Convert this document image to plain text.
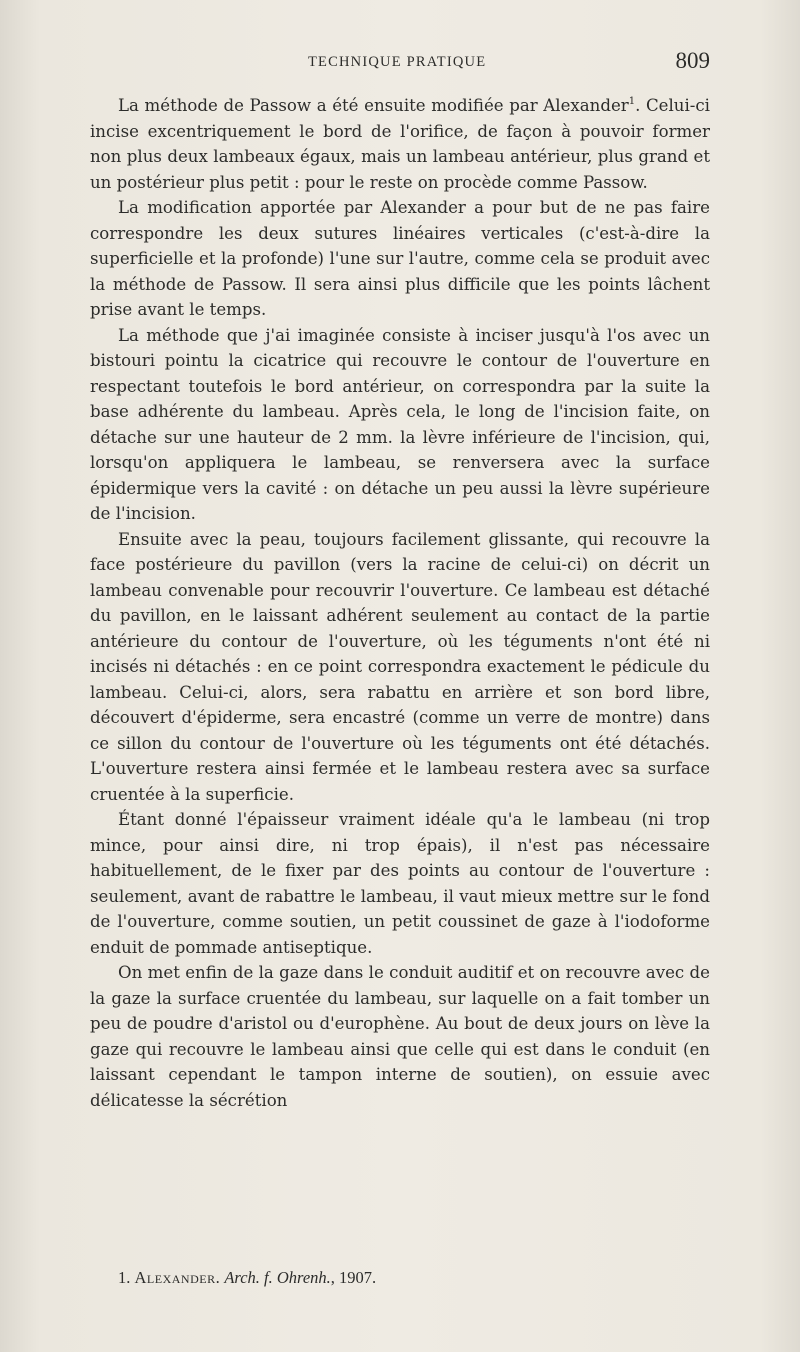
TECHNIQUE PRATIQUE	809

La méthode de Passow a été ensuite modifiée par Alexander$^1$. Celui-ci incise excentriquement le bord de l'orifice, de façon à pouvoir former non plus deux lambeaux égaux, mais un lambeau antérieur, plus grand et un postérieur plus petit : pour le reste on procède comme Passow.

La modification apportée par Alexander a pour but de ne pas faire correspondre les deux sutures linéaires verticales (c'est-à-dire la superficielle et la profonde) l'une sur l'autre, comme cela se produit avec la méthode de Passow. Il sera ainsi plus difficile que les points lâchent prise avant le temps.

La méthode que j'ai imaginée consiste à inciser jusqu'à l'os avec un bistouri pointu la cicatrice qui recouvre le contour de l'ouverture en respectant toutefois le bord antérieur, on correspondra par la suite la base adhérente du lambeau. Après cela, le long de l'incision faite, on détache sur une hauteur de 2 mm. la lèvre inférieure de l'incision, qui, lorsqu'on appliquera le lambeau, se renversera avec la surface épidermique vers la cavité : on détache un peu aussi la lèvre supérieure de l'incision.

Ensuite avec la peau, toujours facilement glissante, qui recouvre la face postérieure du pavillon (vers la racine de celui-ci) on décrit un lambeau convenable pour recouvrir l'ouverture. Ce lambeau est détaché du pavillon, en le laissant adhérent seulement au contact de la partie antérieure du contour de l'ouverture, où les téguments n'ont été ni incisés ni détachés : en ce point correspondra exactement le pédicule du lambeau. Celui-ci, alors, sera rabattu en arrière et son bord libre, découvert d'épiderme, sera encastré (comme un verre de montre) dans ce sillon du contour de l'ouverture où les téguments ont été détachés. L'ouverture restera ainsi fermée et le lambeau restera avec sa surface cruentée à la superficie.

Étant donné l'épaisseur vraiment idéale qu'a le lambeau (ni trop mince, pour ainsi dire, ni trop épais), il n'est pas nécessaire habituellement, de le fixer par des points au contour de l'ouverture : seulement, avant de rabattre le lambeau, il vaut mieux mettre sur le fond de l'ouverture, comme soutien, un petit coussinet de gaze à l'iodoforme enduit de pommade antiseptique.

On met enfin de la gaze dans le conduit auditif et on recouvre avec de la gaze la surface cruentée du lambeau, sur laquelle on a fait tomber un peu de poudre d'aristol ou d'europhène. Au bout de deux jours on lève la gaze qui recouvre le lambeau ainsi que celle qui est dans le conduit (en laissant cependant le tampon interne de soutien), on essuie avec délicatesse la sécrétion

1. Alexander. Arch. f. Ohrenh., 1907.
